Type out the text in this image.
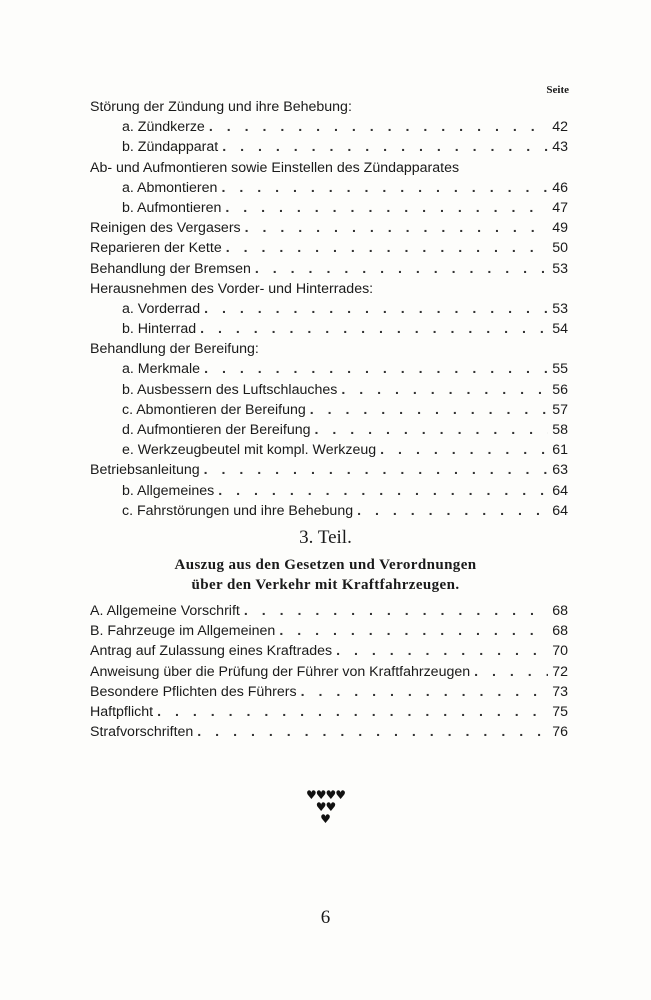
Seite
Störung der Zündung und ihre Behebung:
a. Zündkerze . . .	42
b. Zündapparat . . .	43
Ab- und Aufmontieren sowie Einstellen des Zündapparates
a. Abmontieren . . .	46
b. Aufmontieren . . .	47
Reinigen des Vergasers . . .	49
Reparieren der Kette . . .	50
Behandlung der Bremsen . . .	53
Herausnehmen des Vorder- und Hinterrades:
a. Vorderrad . . .	53
b. Hinterrad . . .	54
Behandlung der Bereifung:
a. Merkmale . . .	55
b. Ausbessern des Luftschlauches . . .	56
c. Abmontieren der Bereifung . . .	57
d. Aufmontieren der Bereifung . . .	58
e. Werkzeugbeutel mit kompl. Werkzeug . . .	61
Betriebsanleitung . . .	63
b. Allgemeines . . .	64
c. Fahrstörungen und ihre Behebung . . .	64
3. Teil.
Auszug aus den Gesetzen und Verordnungen
über den Verkehr mit Kraftfahrzeugen.
A. Allgemeine Vorschrift . . .	68
B. Fahrzeuge im Allgemeinen . . .	68
Antrag auf Zulassung eines Kraftrades . . .	70
Anweisung über die Prüfung der Führer von Kraftfahrzeugen . . .	72
Besondere Pflichten des Führers . . .	73
Haftpflicht . . .	75
Strafvorschriften . . .	76
♥♥♥♥
♥♥
♥
6
